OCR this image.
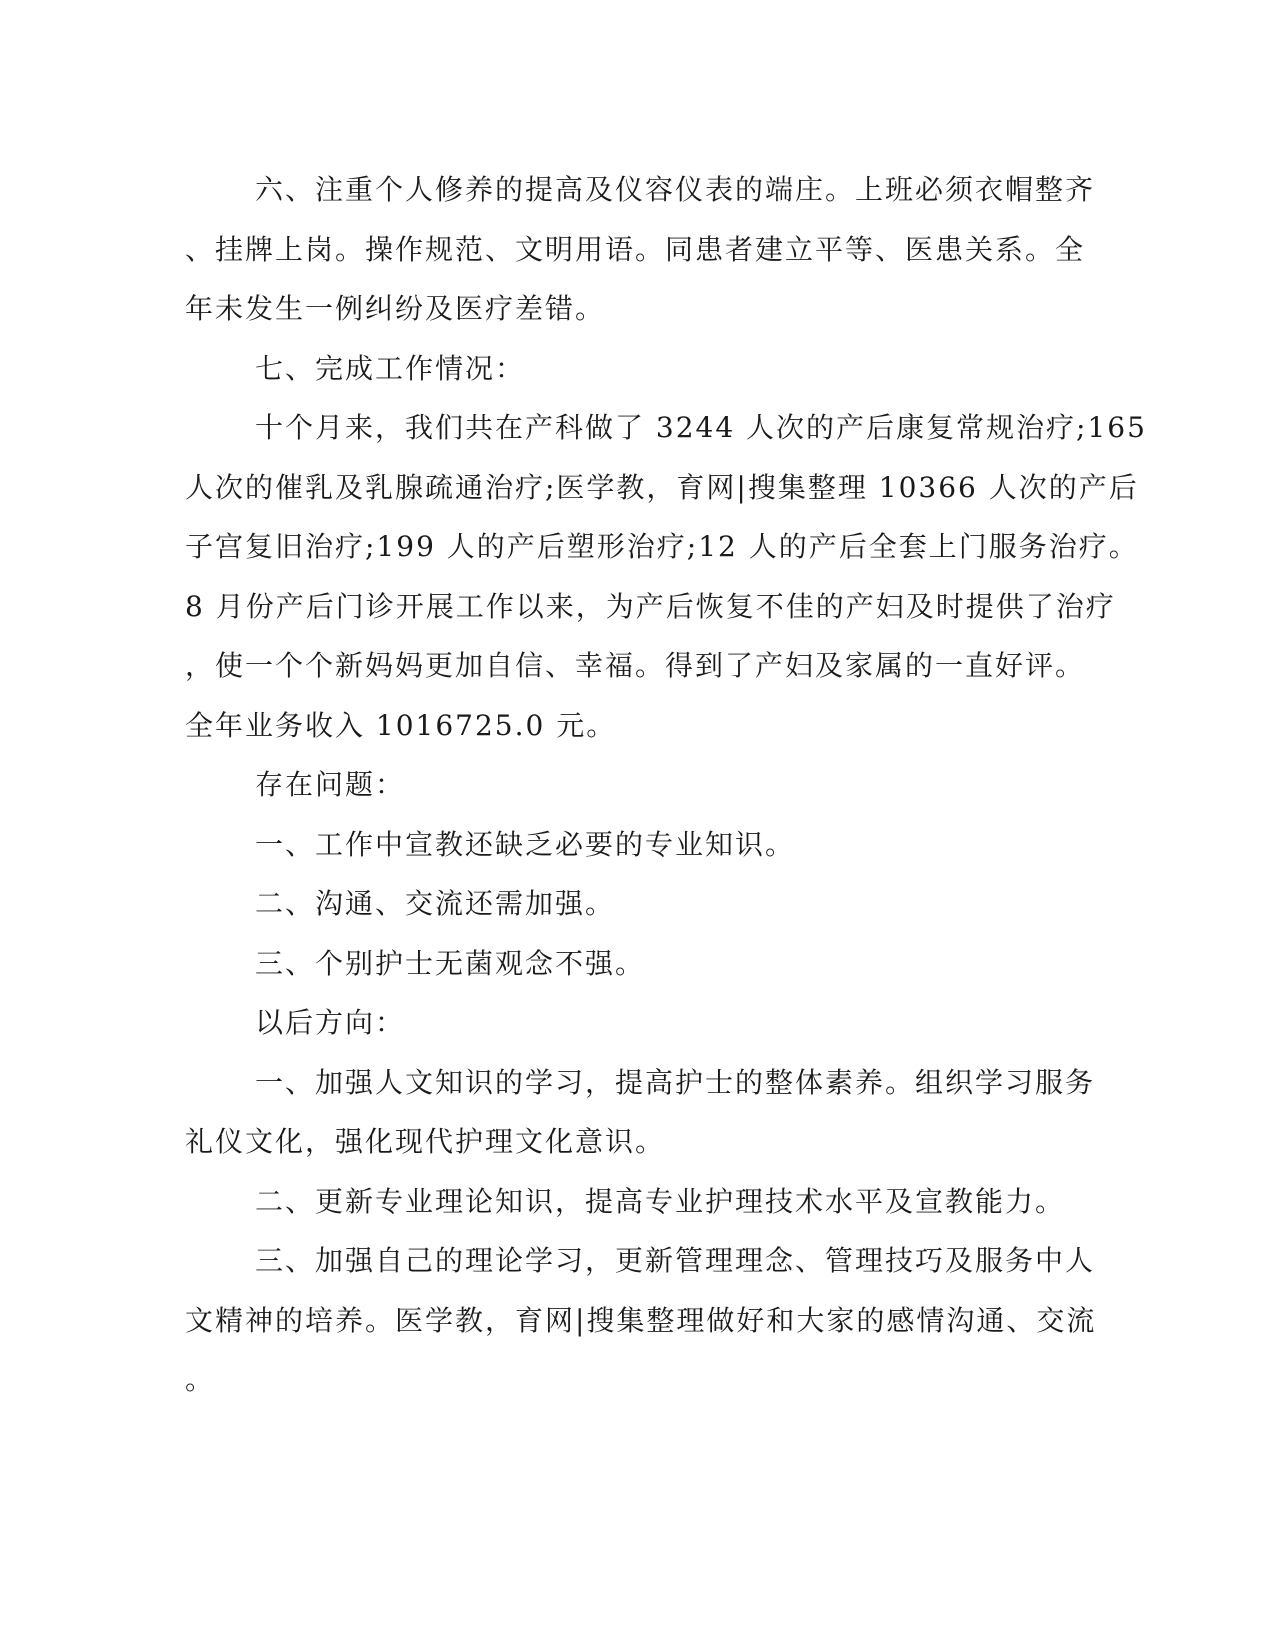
六、注重个人修养的提高及仪容仪表的端庄。上班必须衣帽整齐
、挂牌上岗。操作规范、文明用语。同患者建立平等、医患关系。全
年未发生一例纠纷及医疗差错。
七、完成工作情况：
十个月来，我们共在产科做了 3244 人次的产后康复常规治疗;165
人次的催乳及乳腺疏通治疗;医学教，育网|搜集整理 10366 人次的产后
子宫复旧治疗;199 人的产后塑形治疗;12 人的产后全套上门服务治疗。
8 月份产后门诊开展工作以来，为产后恢复不佳的产妇及时提供了治疗
，使一个个新妈妈更加自信、幸福。得到了产妇及家属的一直好评。
全年业务收入 1016725.0 元。
存在问题：
一、工作中宣教还缺乏必要的专业知识。
二、沟通、交流还需加强。
三、个别护士无菌观念不强。
以后方向：
一、加强人文知识的学习，提高护士的整体素养。组织学习服务
礼仪文化，强化现代护理文化意识。
二、更新专业理论知识，提高专业护理技术水平及宣教能力。
三、加强自己的理论学习，更新管理理念、管理技巧及服务中人
文精神的培养。医学教，育网|搜集整理做好和大家的感情沟通、交流
。
